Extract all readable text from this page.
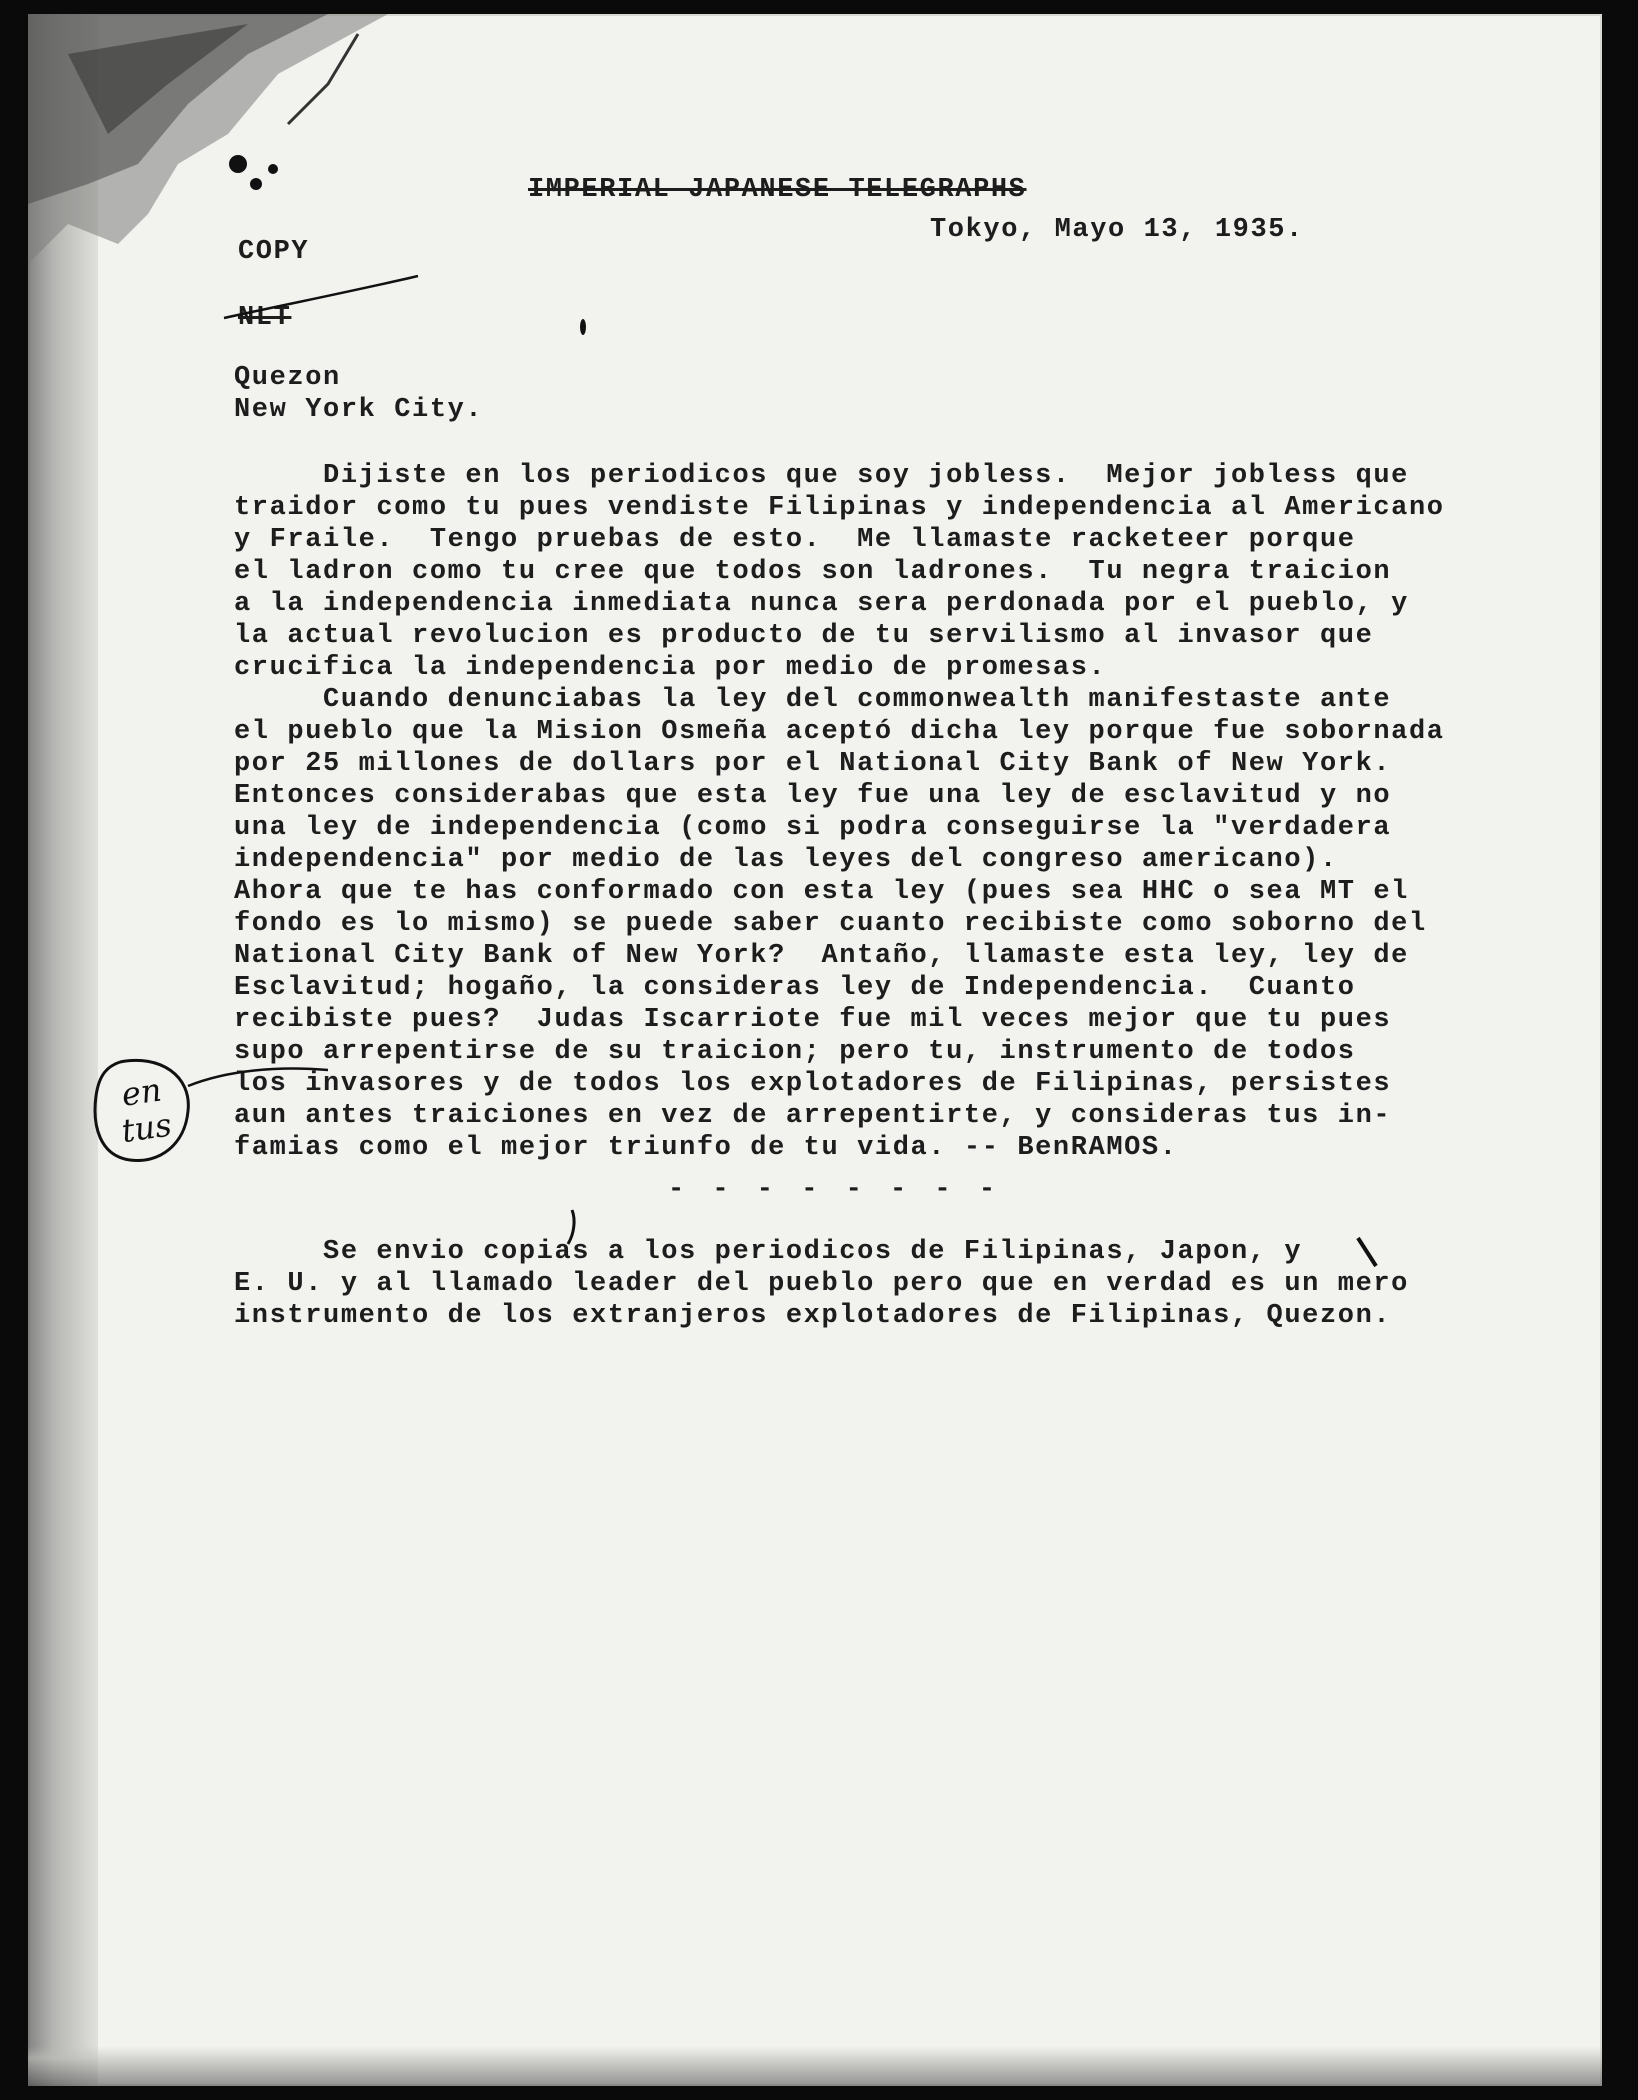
IMPERIAL JAPANESE TELEGRAPHS
Tokyo, Mayo 13, 1935.
COPY
NLT
Quezon
New York City.
Dijiste en los periodicos que soy jobless.  Mejor jobless que
traidor como tu pues vendiste Filipinas y independencia al Americano
y Fraile.  Tengo pruebas de esto.  Me llamaste racketeer porque
el ladron como tu cree que todos son ladrones.  Tu negra traicion
a la independencia inmediata nunca sera perdonada por el pueblo, y
la actual revolucion es producto de tu servilismo al invasor que
crucifica la independencia por medio de promesas.
Cuando denunciabas la ley del commonwealth manifestaste ante
el pueblo que la Mision Osmeña aceptó dicha ley porque fue sobornada
por 25 millones de dollars por el National City Bank of New York.
Entonces considerabas que esta ley fue una ley de esclavitud y no
una ley de independencia (como si podra conseguirse la "verdadera
independencia" por medio de las leyes del congreso americano).
Ahora que te has conformado con esta ley (pues sea HHC o sea MT el
fondo es lo mismo) se puede saber cuanto recibiste como soborno del
National City Bank of New York?  Antaño, llamaste esta ley, ley de
Esclavitud; hogaño, la consideras ley de Independencia.  Cuanto
recibiste pues?  Judas Iscarriote fue mil veces mejor que tu pues
supo arrepentirse de su traicion; pero tu, instrumento de todos
los invasores y de todos los explotadores de Filipinas, persistes
aun antes traiciones en vez de arrepentirte, y consideras tus in-
famias como el mejor triunfo de tu vida. -- BenRAMOS.
- - - - - - - -
Se envio copias a los periodicos de Filipinas, Japon, y
E. U. y al llamado leader del pueblo pero que en verdad es un mero
instrumento de los extranjeros explotadores de Filipinas, Quezon.
en tus
